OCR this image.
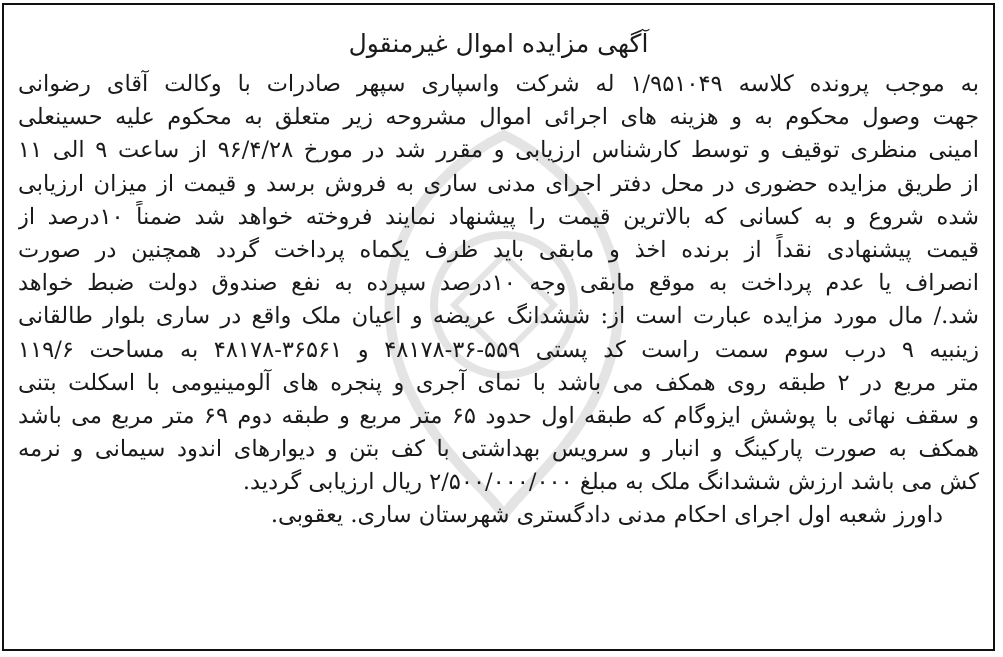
آگهی مزایده اموال غیرمنقول
به موجب پرونده کلاسه ۱/۹۵۱۰۴۹ له شرکت واسپاری سپهر صادرات با وکالت آقای رضوانی
جهت وصول محکوم به و هزینه های اجرائی اموال مشروحه زیر متعلق به محکوم علیه حسینعلی
امینی منظری توقیف و توسط کارشناس ارزیابی و مقرر شد در مورخ ۹۶/۴/۲۸ از ساعت ۹ الی ۱۱
از طریق مزایده حضوری در محل دفتر اجرای مدنی ساری به فروش برسد و قیمت از میزان ارزیابی
شده شروع و به کسانی که بالاترین قیمت را پیشنهاد نمایند فروخته خواهد شد ضمناً ۱۰درصد از
قیمت پیشنهادی نقداً از برنده اخذ و مابقی باید ظرف یکماه پرداخت گردد همچنین در صورت
انصراف یا عدم پرداخت به موقع مابقی وجه ۱۰درصد سپرده به نفع صندوق دولت ضبط خواهد
شد./ مال مورد مزایده عبارت است از: ششدانگ عریضه و اعیان ملک واقع در ساری بلوار طالقانی
زینبیه ۹ درب سوم سمت راست کد پستی ۵۵۹-۳۶-۴۸۱۷۸ و ۳۶۵۶۱-۴۸۱۷۸ به مساحت ۱۱۹/۶
متر مربع در ۲ طبقه روی همکف می باشد با نمای آجری و پنجره های آلومینیومی با اسکلت بتنی
و سقف نهائی با پوشش ایزوگام که طبقه اول حدود ۶۵ متر مربع و طبقه دوم ۶۹ متر مربع می باشد
همکف به صورت پارکینگ و انبار و سرویس بهداشتی با کف بتن و دیوارهای اندود سیمانی و نرمه
کش می باشد ارزش ششدانگ ملک به مبلغ ۲/۵۰۰/۰۰۰/۰۰۰ ریال ارزیابی گردید.
داورز شعبه اول اجرای احکام مدنی دادگستری شهرستان ساری. یعقوبی.
